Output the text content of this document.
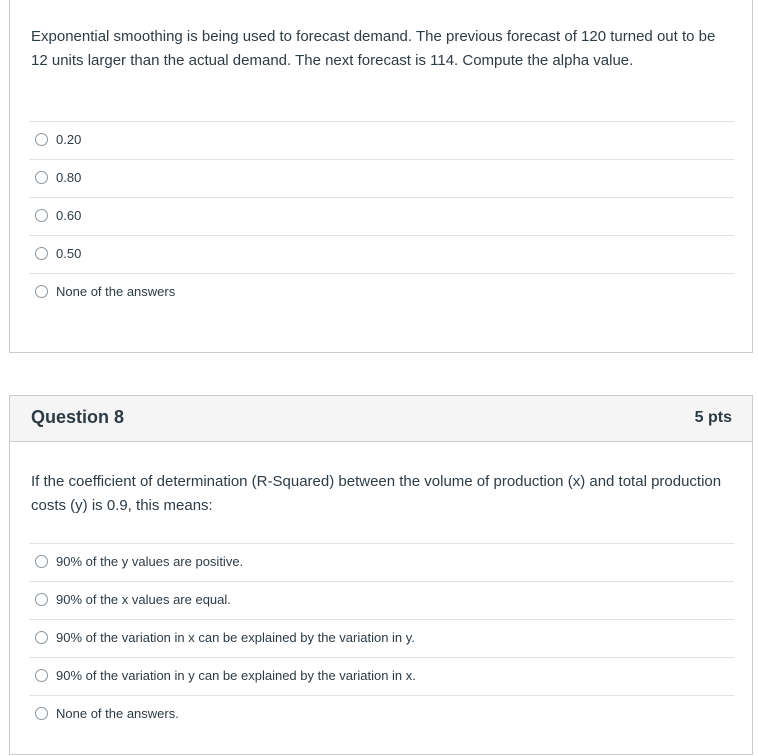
Exponential smoothing is being used to forecast demand. The previous forecast of 120 turned out to be 12 units larger than the actual demand. The next forecast is 114. Compute the alpha value.
0.20
0.80
0.60
0.50
None of the answers
Question 8	5 pts
If the coefficient of determination (R-Squared) between the volume of production (x) and total production costs (y) is 0.9, this means:
90% of the y values are positive.
90% of the x values are equal.
90% of the variation in x can be explained by the variation in y.
90% of the variation in y can be explained by the variation in x.
None of the answers.
